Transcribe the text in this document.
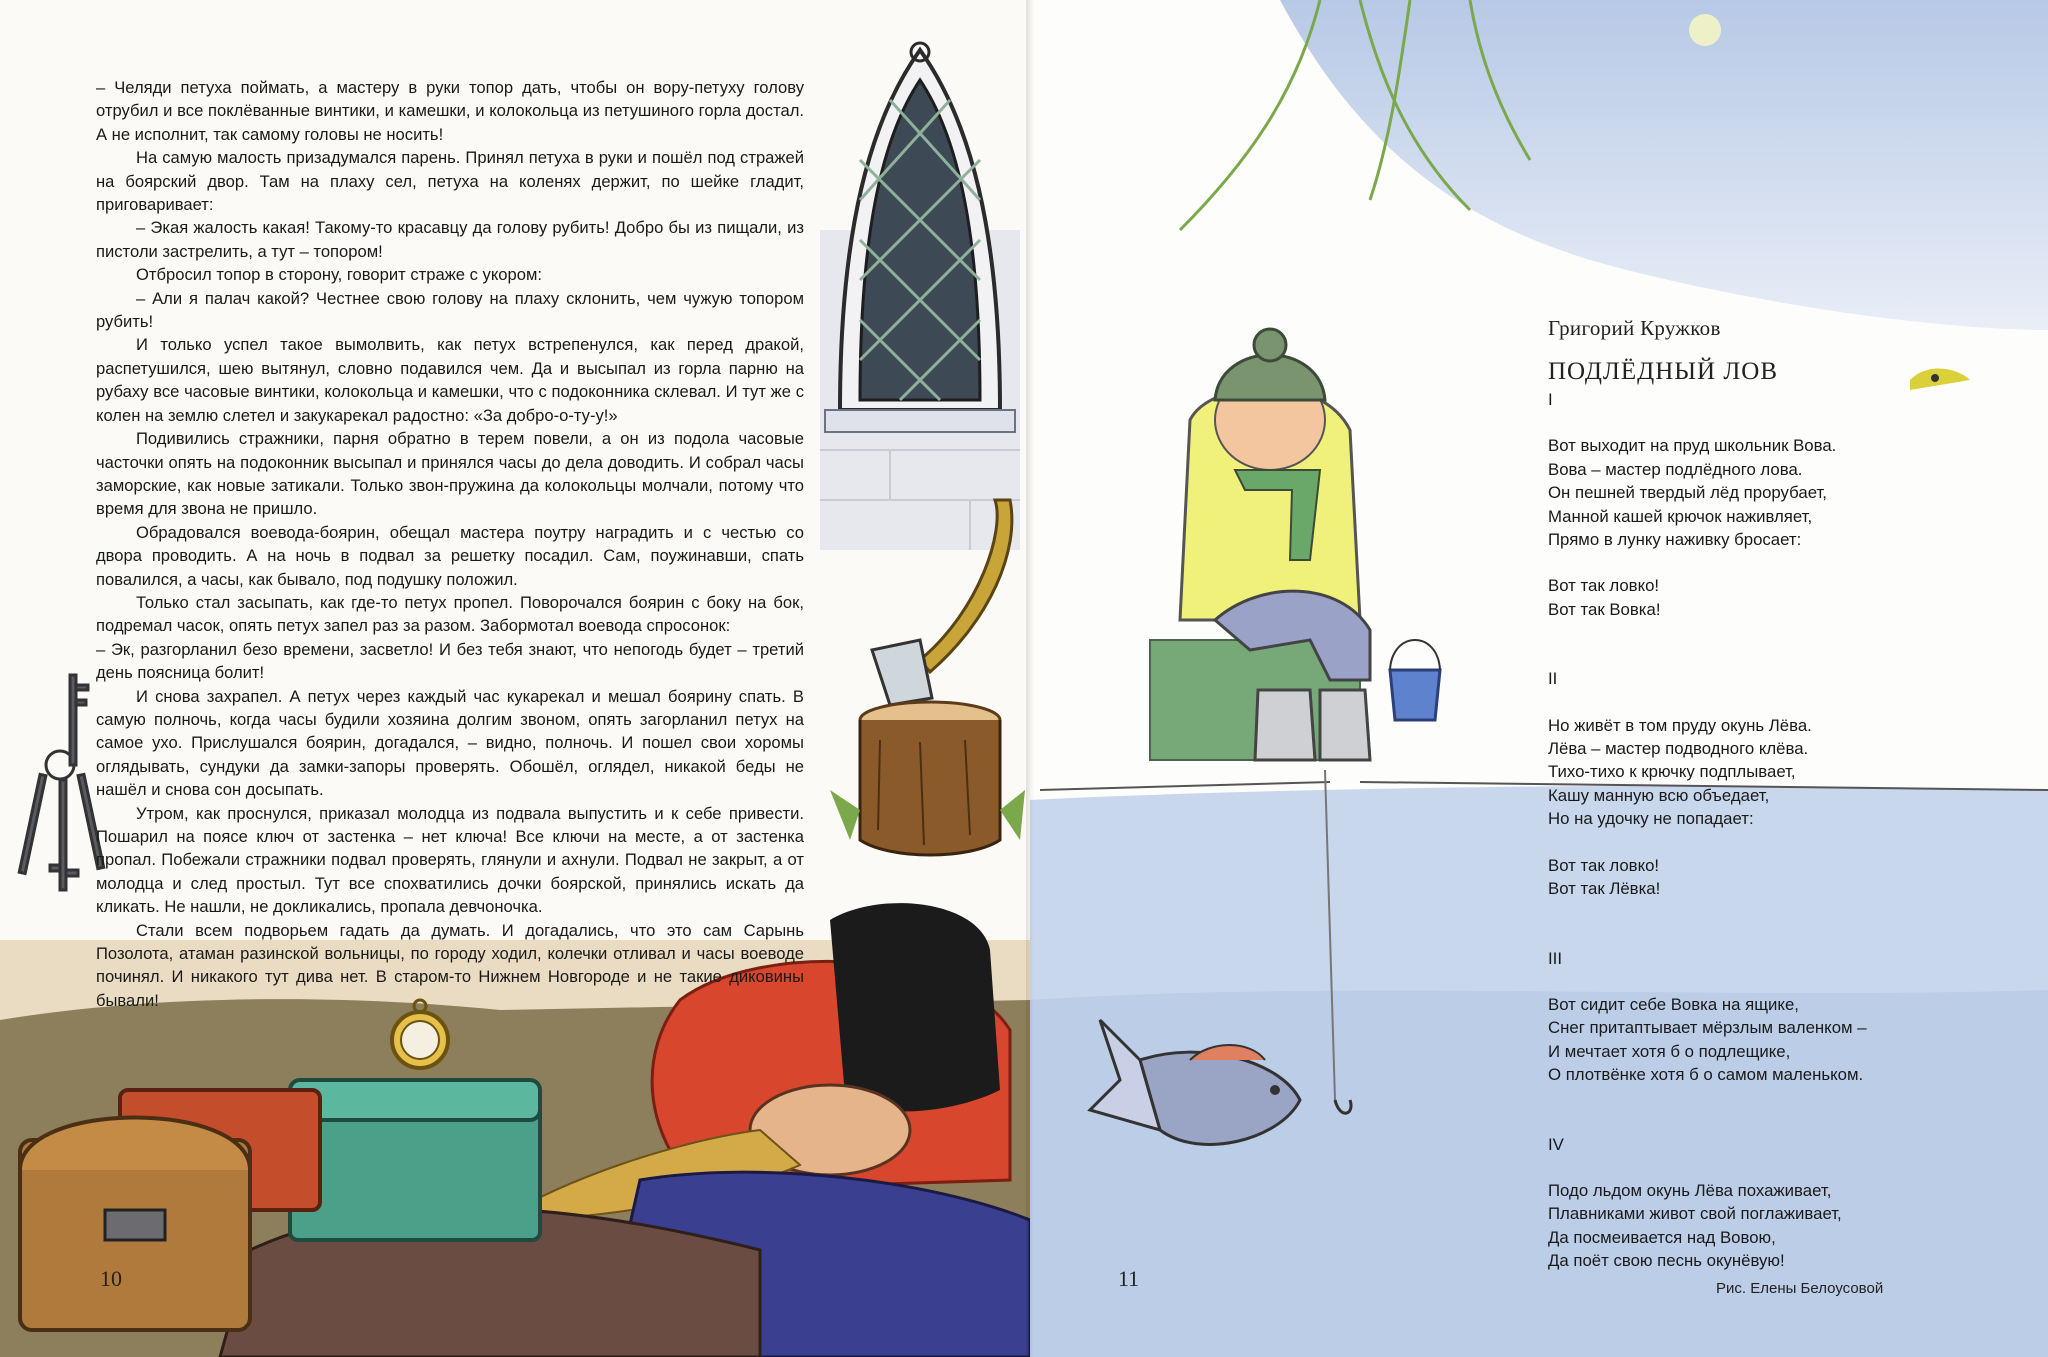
– Челяди петуха поймать, а мастеру в руки топор дать, чтобы он вору-петуху голову отрубил и все поклёванные винтики, и камешки, и колокольца из петушиного горла достал. А не исполнит, так самому головы не носить!

На самую малость призадумался парень. Принял петуха в руки и пошёл под стражей на боярский двор. Там на плаху сел, петуха на коленях держит, по шейке гладит, приговаривает:

– Экая жалость какая! Такому-то красавцу да голову рубить! Добро бы из пищали, из пистоли застрелить, а тут – топором!

Отбросил топор в сторону, говорит страже с укором:

– Али я палач какой? Честнее свою голову на плаху склонить, чем чужую топором рубить!

И только успел такое вымолвить, как петух встрепенулся, как перед дракой, распетушился, шею вытянул, словно подавился чем. Да и высыпал из горла парню на рубаху все часовые винтики, колокольца и камешки, что с подоконника склевал. И тут же с колен на землю слетел и закукарекал радостно: «За добро-о-ту-у!»

Подивились стражники, парня обратно в терем повели, а он из подола часовые часточки опять на подоконник высыпал и принялся часы до дела доводить. И собрал часы заморские, как новые затикали. Только звон-пружина да колокольцы молчали, потому что время для звона не пришло.

Обрадовался воевода-боярин, обещал мастера поутру наградить и с честью со двора проводить. А на ночь в подвал за решетку посадил. Сам, поужинавши, спать повалился, а часы, как бывало, под подушку положил.

Только стал засыпать, как где-то петух пропел. Поворочался боярин с боку на бок, подремал часок, опять петух запел раз за разом. Забормотал воевода спросонок:

– Эк, разгорланил безо времени, засветло! И без тебя знают, что непогодь будет – третий день поясница болит!

И снова захрапел. А петух через каждый час кукарекал и мешал боярину спать. В самую полночь, когда часы будили хозяина долгим звоном, опять загорланил петух на самое ухо. Прислушался боярин, догадался, – видно, полночь. И пошел свои хоромы оглядывать, сундуки да замки-запоры проверять. Обошёл, оглядел, никакой беды не нашёл и снова сон досыпать.

Утром, как проснулся, приказал молодца из подвала выпустить и к себе привести. Пошарил на поясе ключ от застенка – нет ключа! Все ключи на месте, а от застенка пропал. Побежали стражники подвал проверять, глянули и ахнули. Подвал не закрыт, а от молодца и след простыл. Тут все спохватились дочки боярской, принялись искать да кликать. Не нашли, не докликались, пропала девчоночка.

Стали всем подворьем гадать да думать. И догадались, что это сам Сарынь Позолота, атаман разинской вольницы, по городу ходил, колечки отливал и часы воеводе починял. И никакого тут дива нет. В старом-то Нижнем Новгороде и не такие диковины бывали!

10	11
Григорий Кружков
ПОДЛЁДНЫЙ ЛОВ
I
Вот выходит на пруд школьник Вова.
Вова – мастер подлёдного лова.
Он пешней твердый лёд прорубает,
Манной кашей крючок наживляет,
Прямо в лунку наживку бросает:
Вот так ловко!
Вот так Вовка!
II
Но живёт в том пруду окунь Лёва.
Лёва – мастер подводного клёва.
Тихо-тихо к крючку подплывает,
Кашу манную всю объедает,
Но на удочку не попадает:
Вот так ловко!
Вот так Лёвка!
III
Вот сидит себе Вовка на ящике,
Снег притаптывает мёрзлым валенком –
И мечтает хотя б о подлещике,
О плотвёнке хотя б о самом маленьком.
IV
Подо льдом окунь Лёва похаживает,
Плавниками живот свой поглаживает,
Да посмеивается над Вовою,
Да поёт свою песнь окунёвую!
Рис. Елены Белоусовой
